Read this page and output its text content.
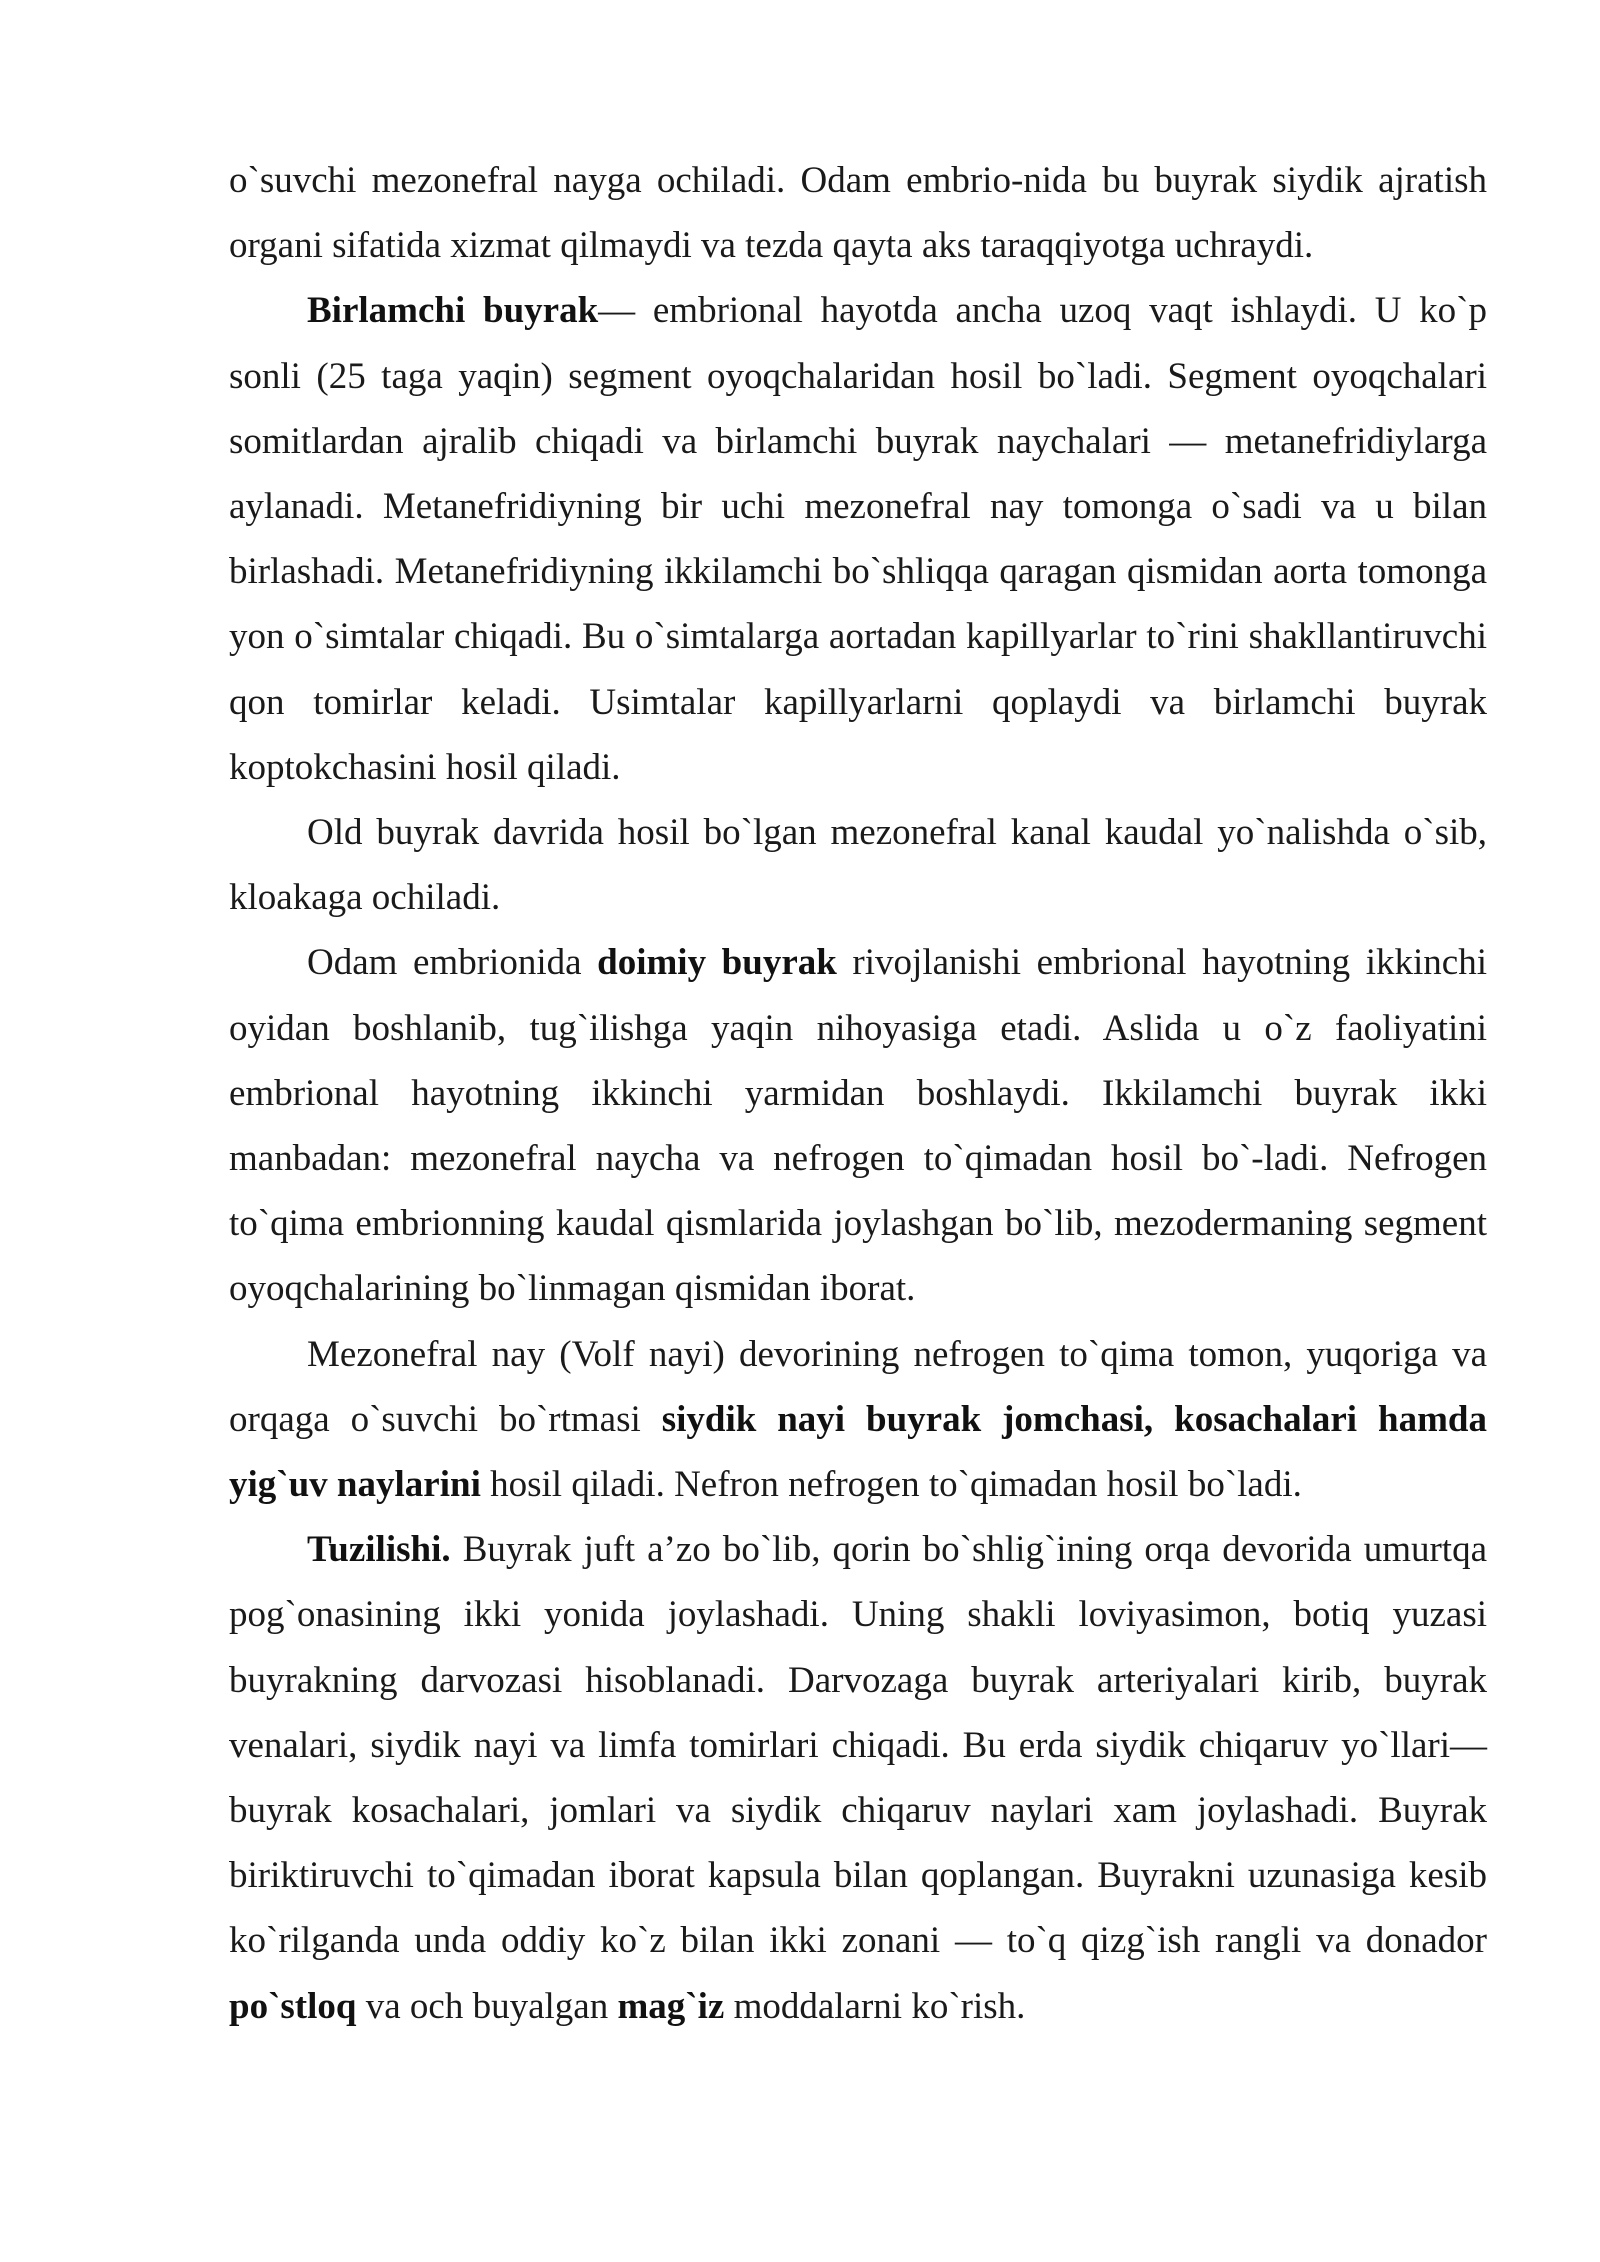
o`suvchi mezonefral nayga ochiladi. Odam embrio-nida bu buyrak siydik ajratish organi sifatida xizmat qilmaydi va tezda qayta aks taraqqiyotga uchraydi.

Birlamchi buyrak— embrional hayotda ancha uzoq vaqt ishlaydi. U ko`p sonli (25 taga yaqin) segment oyoqchalaridan hosil bo`ladi. Segment oyoqchalari somitlardan ajralib chiqadi va birlamchi buyrak naychalari — metanefridiylarga aylanadi. Metanefridiyning bir uchi mezonefral nay tomonga o`sadi va u bilan birlashadi. Metanefridiyning ikkilamchi bo`shliqqa qaragan qismidan aorta tomonga yon o`simtalar chiqadi. Bu o`simtalarga aortadan kapillyarlar to`rini shakllantiruvchi qon tomirlar keladi. Usimtalar kapillyarlarni qoplaydi va birlamchi buyrak koptokchasini hosil qiladi.

Old buyrak davrida hosil bo`lgan mezonefral kanal kaudal yo`nalishda o`sib, kloakaga ochiladi.

Odam embrionida doimiy buyrak rivojlanishi embrional hayotning ikkinchi oyidan boshlanib, tug`ilishga yaqin nihoyasiga etadi. Aslida u o`z faoliyatini embrional hayotning ikkinchi yarmidan boshlaydi. Ikkilamchi buyrak ikki manbadan: mezonefral naycha va nefrogen to`qimadan hosil bo`-ladi. Nefrogen to`qima embrionning kaudal qismlarida joylashgan bo`lib, mezodermaning segment oyoqchalarining bo`linmagan qismidan iborat.

Mezonefral nay (Volf nayi) devorining nefrogen to`qima tomon, yuqoriga va orqaga o`suvchi bo`rtmasi siydik nayi buyrak jomchasi, kosachalari hamda yig`uv naylarini hosil qiladi. Nefron nefrogen to`qimadan hosil bo`ladi.

Tuzilishi. Buyrak juft a’zo bo`lib, qorin bo`shlig`ining orqa devorida umurtqa pog`onasining ikki yonida joylashadi. Uning shakli loviyasimon, botiq yuzasi buyrakning darvozasi hisoblanadi. Darvozaga buyrak arteriyalari kirib, buyrak venalari, siydik nayi va limfa tomirlari chiqadi. Bu erda siydik chiqaruv yo`llari— buyrak kosachalari, jomlari va siydik chiqaruv naylari xam joylashadi. Buyrak biriktiruvchi to`qimadan iborat kapsula bilan qoplangan. Buyrakni uzunasiga kesib ko`rilganda unda oddiy ko`z bilan ikki zonani — to`q qizg`ish rangli va donador po`stloq va och buyalgan mag`iz moddalarni ko`rish.
